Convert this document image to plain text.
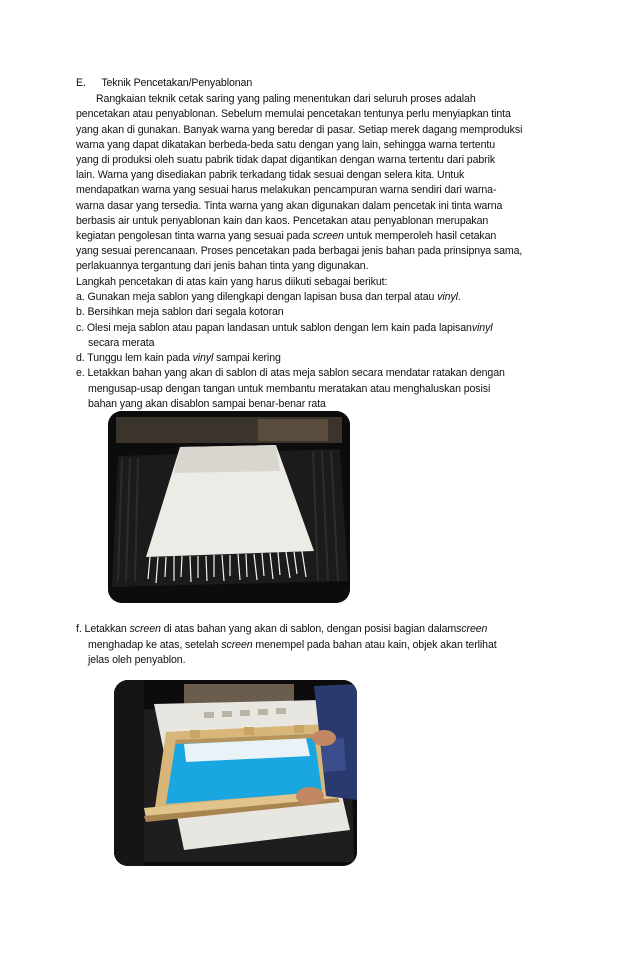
E. Teknik Pencetakan/Penyablonan
Rangkaian teknik cetak saring yang paling menentukan dari seluruh proses adalah
pencetakan atau penyablonan. Sebelum memulai pencetakan tentunya perlu menyiapkan tinta
yang akan di gunakan. Banyak warna yang beredar di pasar. Setiap merek dagang memproduksi
warna yang dapat dikatakan berbeda-beda satu dengan yang lain, sehingga warna tertentu
yang di produksi oleh suatu pabrik tidak dapat digantikan dengan warna tertentu dari pabrik
lain. Warna yang disediakan pabrik terkadang tidak sesuai dengan selera kita. Untuk
mendapatkan warna yang sesuai harus melakukan pencampuran warna sendiri dari warna-
warna dasar yang tersedia. Tinta warna yang akan digunakan dalam pencetak ini tinta warna
berbasis air untuk penyablonan kain dan kaos. Pencetakan atau penyablonan merupakan
kegiatan pengolesan tinta warna yang sesuai pada screen untuk memperoleh hasil cetakan
yang sesuai perencanaan. Proses pencetakan pada berbagai jenis bahan pada prinsipnya sama,
perlakuannya tergantung dari jenis bahan tinta yang digunakan.
Langkah pencetakan di atas kain yang harus diikuti sebagai berikut:
a. Gunakan meja sablon yang dilengkapi dengan lapisan busa dan terpal atau vinyl.
b. Bersihkan meja sablon dari segala kotoran
c. Olesi meja sablon atau papan landasan untuk sablon dengan lem kain pada lapisanvinyl
secara merata
d. Tunggu lem kain pada vinyl sampai kering
e. Letakkan bahan yang akan di sablon di atas meja sablon secara mendatar ratakan dengan
mengusap-usap dengan tangan untuk membantu meratakan atau menghaluskan posisi
bahan yang akan disablon sampai benar-benar rata
f. Letakkan screen di atas bahan yang akan di sablon, dengan posisi bagian dalamscreen
menghadap ke atas, setelah screen menempel pada bahan atau kain, objek akan terlihat
jelas oleh penyablon.
